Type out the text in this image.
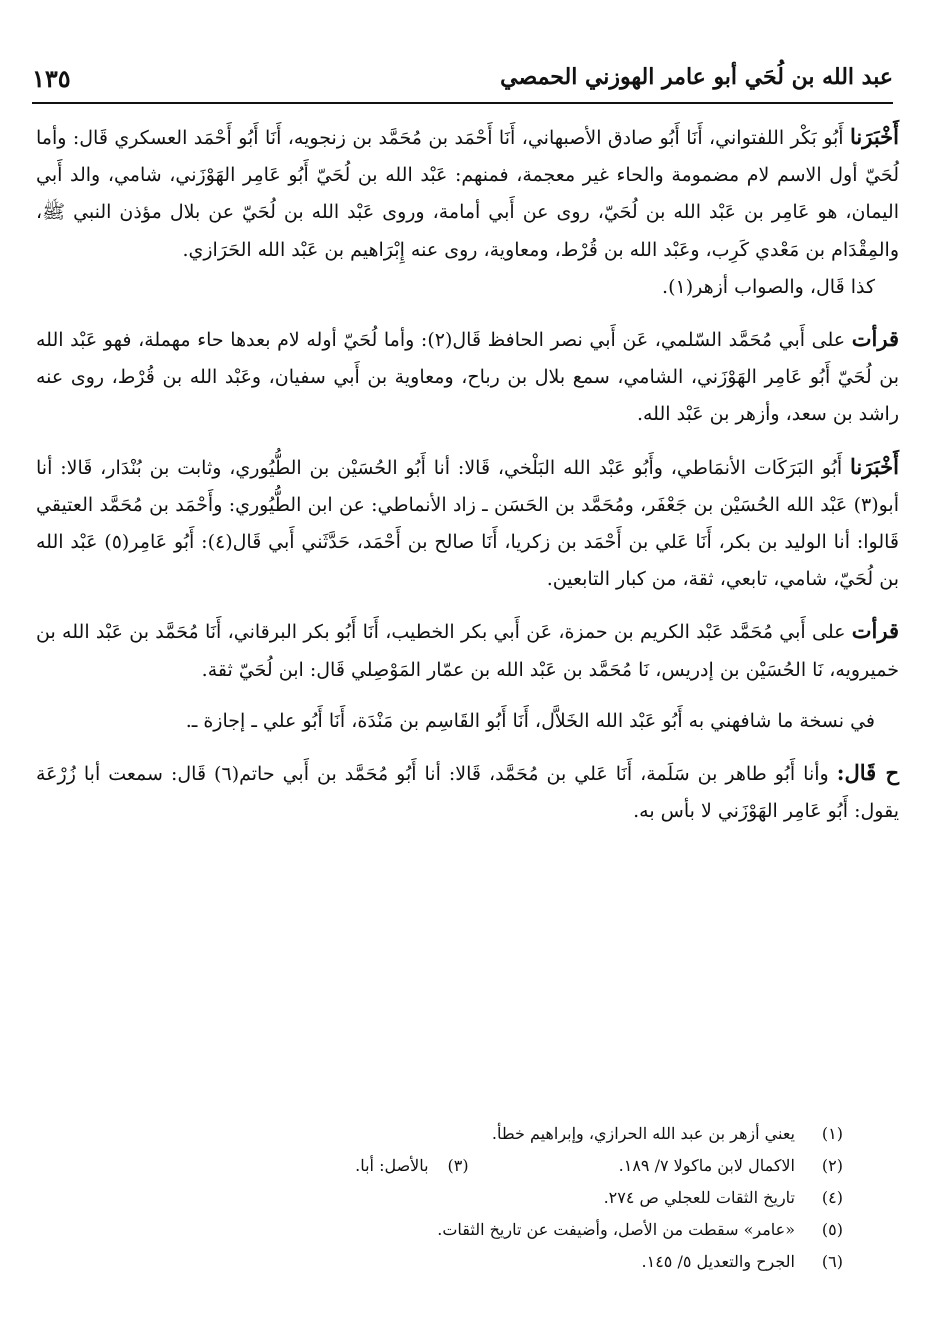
١٣٥	عبد الله بن لُحَي أبو عامر الهوزني الحمصي

أَخْبَرَنا أَبُو بَكْر اللفتواني، أَنَا أَبُو صادق الأصبهاني، أَنَا أَحْمَد بن مُحَمَّد بن زنجويه، أَنَا أَبُو أَحْمَد العسكري قَال: وأما لُحَيّ أول الاسم لام مضمومة والحاء غير معجمة، فمنهم: عَبْد الله بن لُحَيّ أَبُو عَامِر الهَوْزَني، شامي، والد أَبي اليمان، هو عَامِر بن عَبْد الله بن لُحَيّ، روى عن أَبي أمامة، وروى عَبْد الله بن لُحَيّ عن بلال مؤذن النبي ﷺ، والمِقْدَام بن مَعْدي كَرِب، وعَبْد الله بن قُرْط، ومعاوية، روى عنه إِبْرَاهيم بن عَبْد الله الحَرَازي.

كذا قَال، والصواب أزهر(١).

قرأت على أَبي مُحَمَّد السّلمي، عَن أَبي نصر الحافظ قَال(٢): وأما لُحَيّ أوله لام بعدها حاء مهملة، فهو عَبْد الله بن لُحَيّ أَبُو عَامِر الهَوْزَني، الشامي، سمع بلال بن رباح، ومعاوية بن أَبي سفيان، وعَبْد الله بن قُرْط، روى عنه راشد بن سعد، وأزهر بن عَبْد الله.

أَخْبَرَنا أَبُو البَرَكَات الأنمَاطي، وأَبُو عَبْد الله البَلْخي، قَالا: أنا أَبُو الحُسَيْن بن الطُّيُوري، وثابت بن بُنْدَار، قَالا: أنا أبو(٣) عَبْد الله الحُسَيْن بن جَعْفَر، ومُحَمَّد بن الحَسَن ـ زاد الأنماطي: عن ابن الطُّيُوري: وأَحْمَد بن مُحَمَّد العتيقي قَالوا: أنا الوليد بن بكر، أَنَا عَلي بن أَحْمَد بن زكريا، أَنَا صالح بن أَحْمَد، حَدَّثَني أَبي قَال(٤): أَبُو عَامِر(٥) عَبْد الله بن لُحَيّ، شامي، تابعي، ثقة، من كبار التابعين.

قرأت على أَبي مُحَمَّد عَبْد الكريم بن حمزة، عَن أَبي بكر الخطيب، أَنَا أَبُو بكر البرقاني، أَنَا مُحَمَّد بن عَبْد الله بن خميرويه، نَا الحُسَيْن بن إدريس، نَا مُحَمَّد بن عَبْد الله بن عمّار المَوْصِلي قَال: ابن لُحَيّ ثقة.

في نسخة ما شافهني به أَبُو عَبْد الله الخَلاَّل، أَنَا أَبُو القَاسِم بن مَنْدَة، أَنَا أَبُو علي ـ إجازة ـ.

ح قَال: وأنا أَبُو طاهر بن سَلَمة، أَنَا عَلي بن مُحَمَّد، قَالا: أنا أَبُو مُحَمَّد بن أَبي حاتم(٦) قَال: سمعت أبا زُرْعَة يقول: أَبُو عَامِر الهَوْزَني لا بأس به.

(١)
يعني أزهر بن عبد الله الحرازي، وإبراهيم خطأ.
(٢)
الاكمال لابن ماكولا ٧/ ١٨٩.
(٣)
بالأصل: أبا.
(٤)
تاريخ الثقات للعجلي ص ٢٧٤.
(٥)
«عامر» سقطت من الأصل، وأضيفت عن تاريخ الثقات.
(٦)
الجرح والتعديل ٥/ ١٤٥.
